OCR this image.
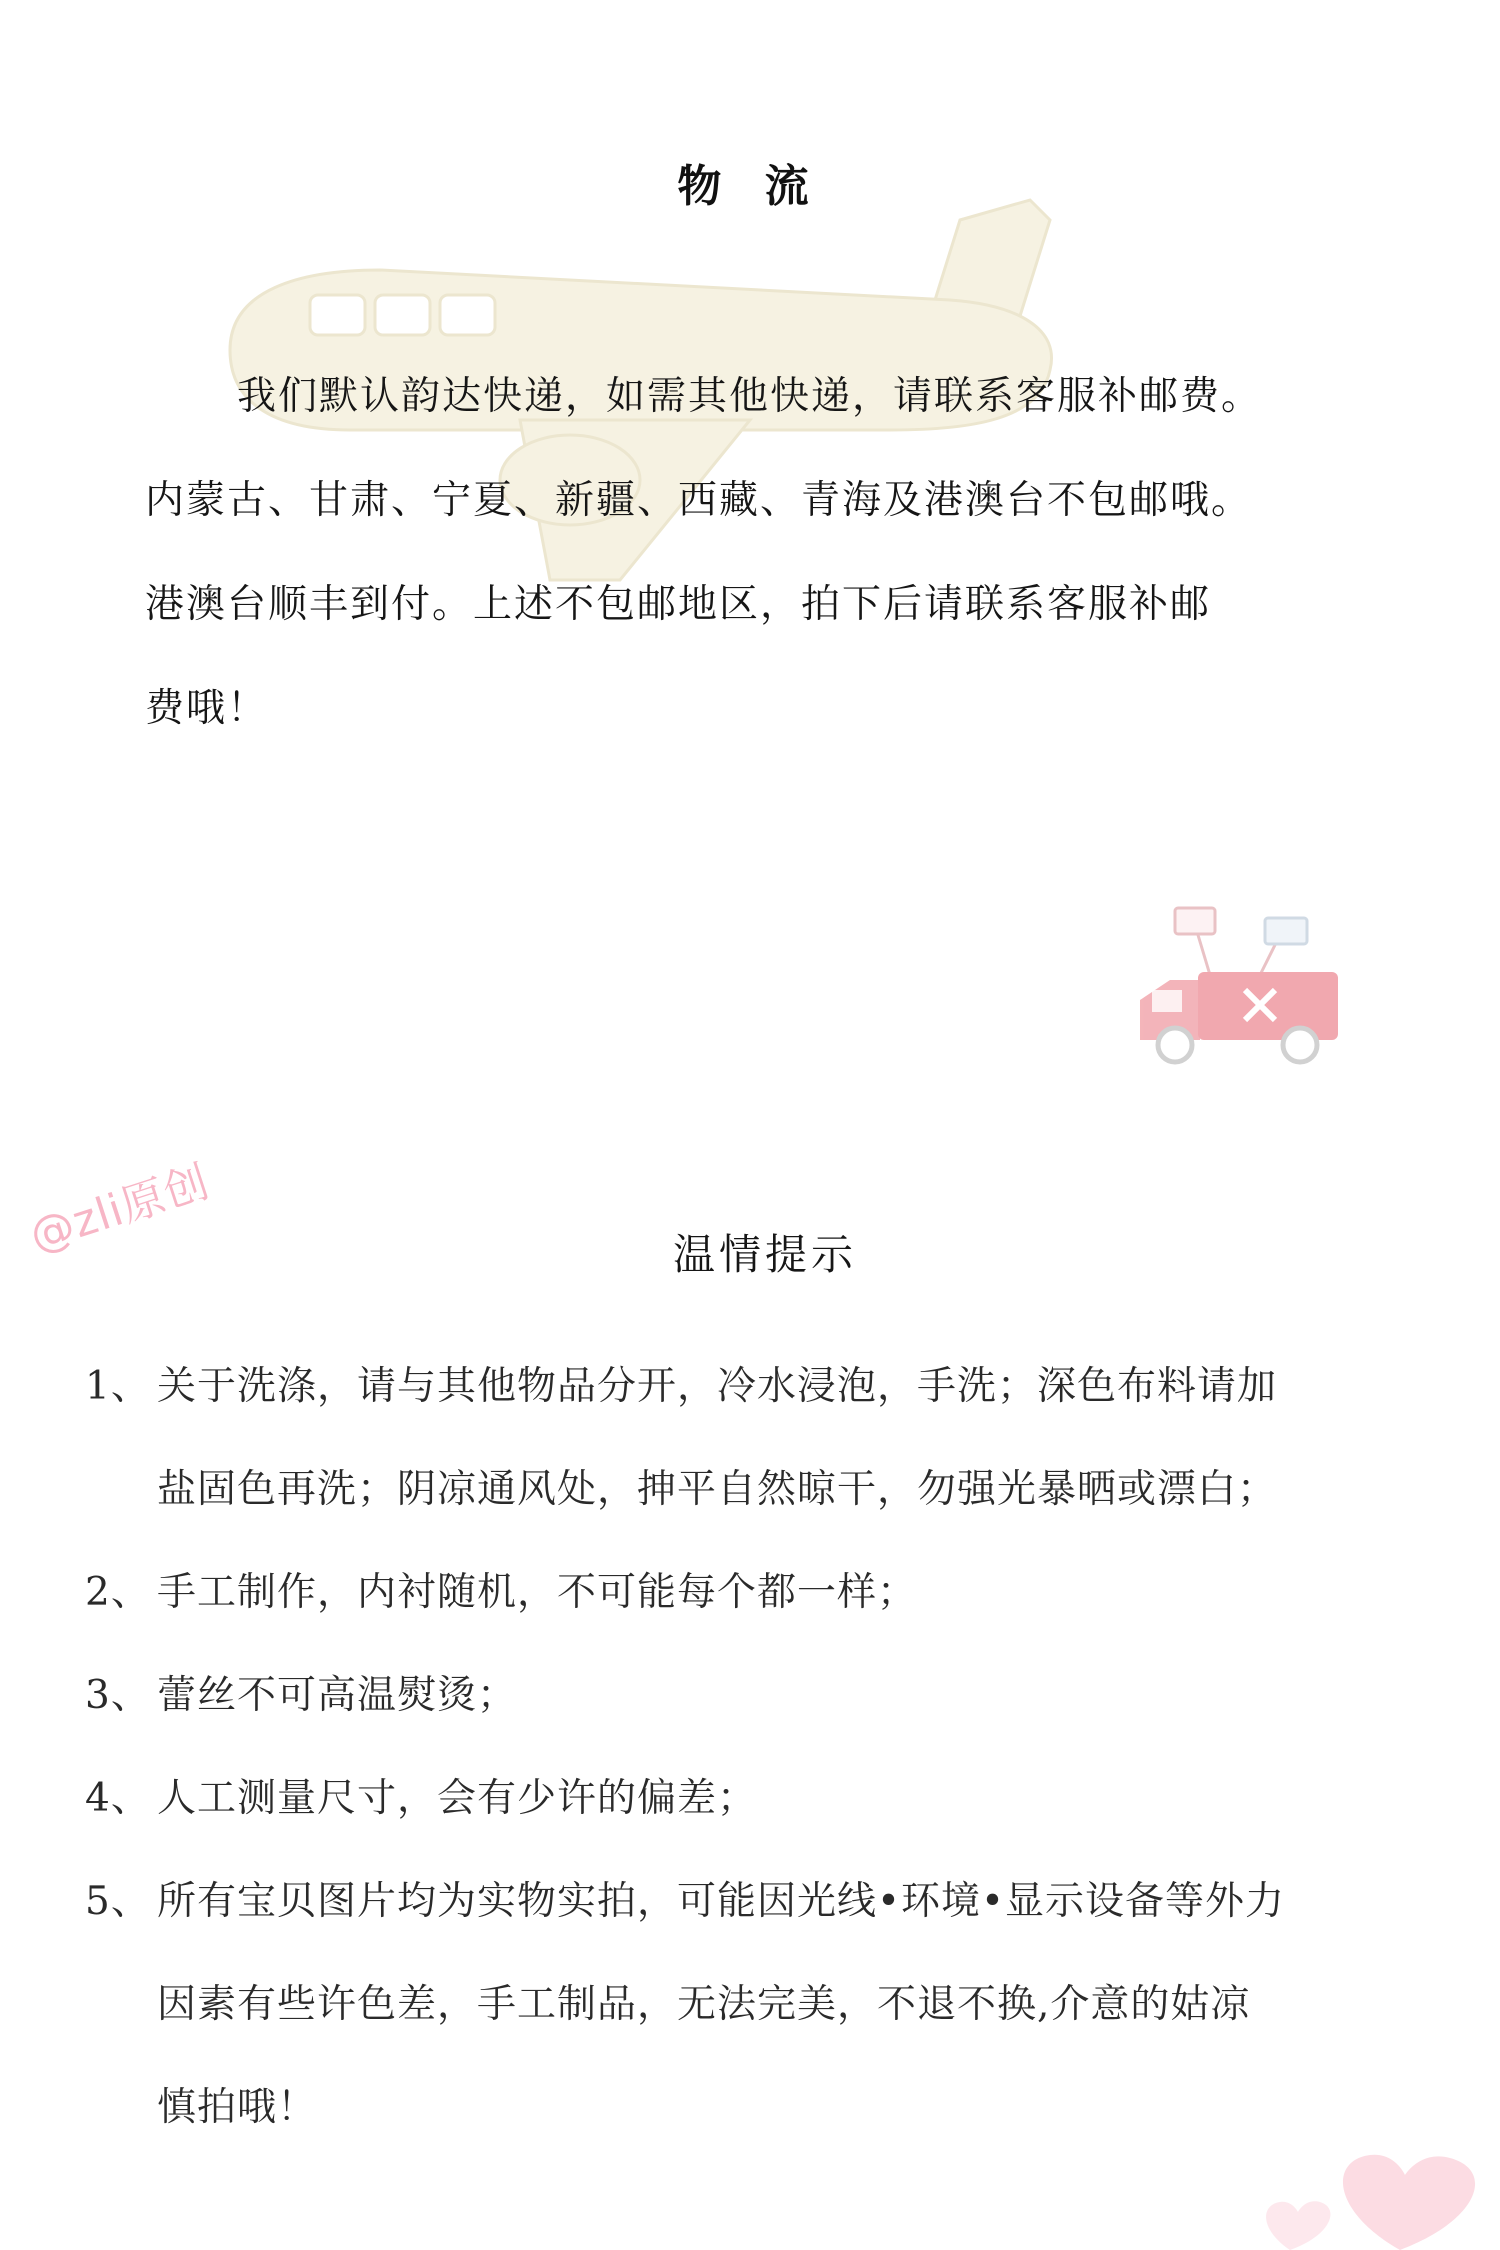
物 流

我们默认韵达快递，如需其他快递，请联系客服补邮费。

内蒙古、甘肃、宁夏、新疆、西藏、青海及港澳台不包邮哦。

港澳台顺丰到付。上述不包邮地区，拍下后请联系客服补邮

费哦！

@zli原创	温情提示
1、 关于洗涤，请与其他物品分开，冷水浸泡，手洗；深色布料请加
盐固色再洗；阴凉通风处，抻平自然晾干，勿强光暴晒或漂白；
2、 手工制作，内衬随机，不可能每个都一样；
3、 蕾丝不可高温熨烫；
4、 人工测量尺寸，会有少许的偏差；
5、 所有宝贝图片均为实物实拍，可能因光线•环境•显示设备等外力
因素有些许色差，手工制品，无法完美，不退不换,介意的姑凉
慎拍哦！
